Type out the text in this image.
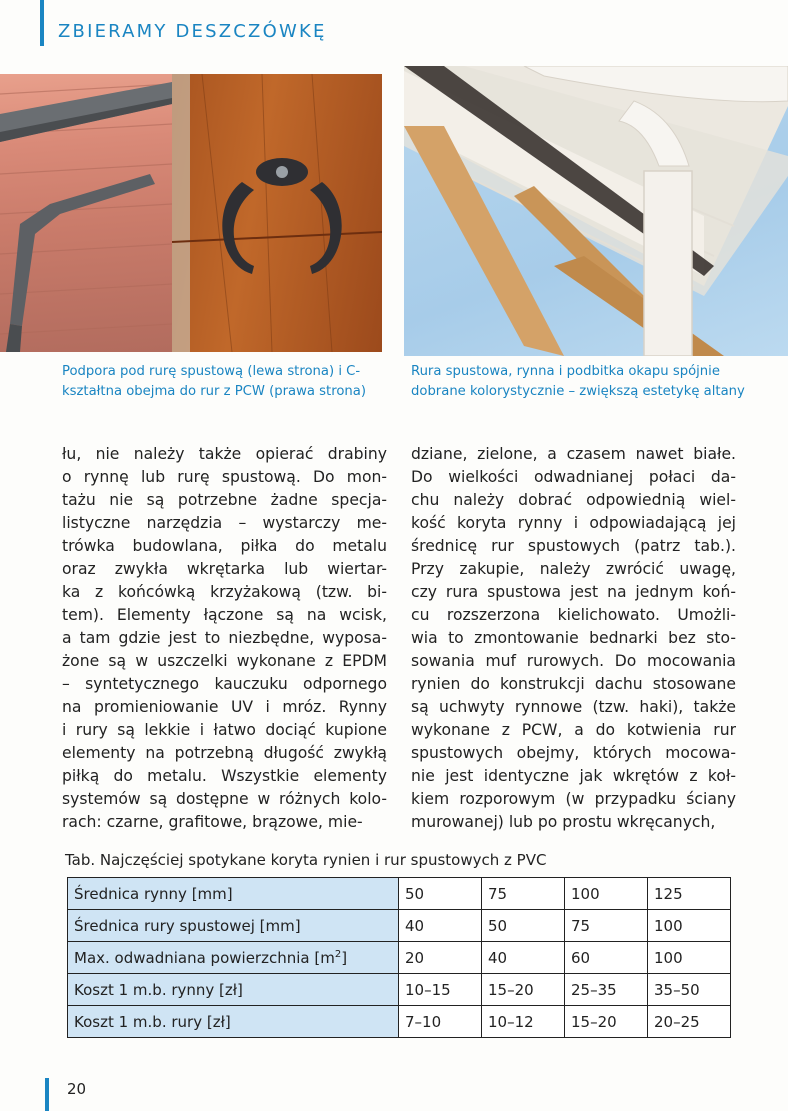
ZBIERAMY DESZCZÓWKĘ
Podpora pod rurę spustową (lewa strona) i C-kształtna obejma do rur z PCW (prawa strona)
Rura spustowa, rynna i podbitka okapu spójnie dobrane kolorystycznie – zwiększą estetykę altany
łu, nie należy także opierać drabiny
o rynnę lub rurę spustową. Do mon-
tażu nie są potrzebne żadne specja-
listyczne narzędzia – wystarczy me-
trówka budowlana, piłka do metalu
oraz zwykła wkrętarka lub wiertar-
ka z końcówką krzyżakową (tzw. bi-
tem). Elementy łączone są na wcisk,
a tam gdzie jest to niezbędne, wyposa-
żone są w uszczelki wykonane z EPDM
– syntetycznego kauczuku odpornego
na promieniowanie UV i mróz. Rynny
i rury są lekkie i łatwo dociąć kupione
elementy na potrzebną długość zwykłą
piłką do metalu. Wszystkie elementy
systemów są dostępne w różnych kolo-
rach: czarne, grafitowe, brązowe, mie-
dziane, zielone, a czasem nawet białe.
Do wielkości odwadnianej połaci da-
chu należy dobrać odpowiednią wiel-
kość koryta rynny i odpowiadającą jej
średnicę rur spustowych (patrz tab.).
Przy zakupie, należy zwrócić uwagę,
czy rura spustowa jest na jednym koń-
cu rozszerzona kielichowato. Umożli-
wia to zmontowanie bednarki bez sto-
sowania muf rurowych. Do mocowania
rynien do konstrukcji dachu stosowane
są uchwyty rynnowe (tzw. haki), także
wykonane z PCW, a do kotwienia rur
spustowych obejmy, których mocowa-
nie jest identyczne jak wkrętów z koł-
kiem rozporowym (w przypadku ściany
murowanej) lub po prostu wkręcanych,
Tab. Najczęściej spotykane koryta rynien i rur spustowych z PVC
Średnica rynny [mm]	50	75	100	125
Średnica rury spustowej [mm]	40	50	75	100
Max. odwadniana powierzchnia $[m^2]$	20	40	60	100
Koszt 1 m.b. rynny [zł]	10–15	15–20	25–35	35–50
Koszt 1 m.b. rury [zł]	7–10	10–12	15–20	20–25
20
